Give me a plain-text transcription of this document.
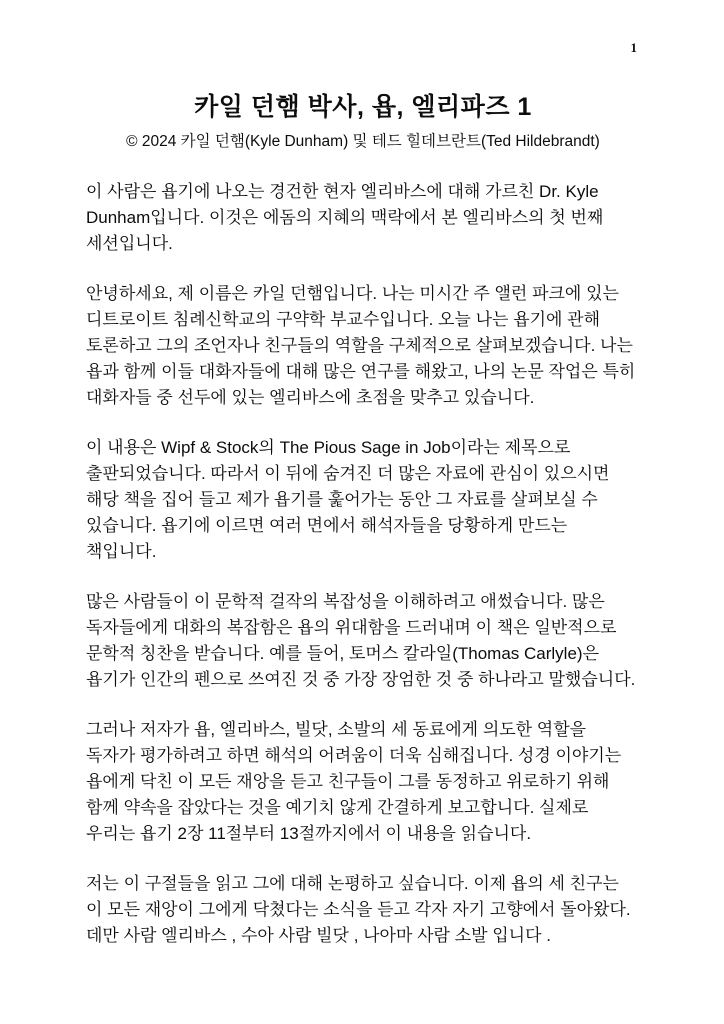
1
카일 던햄 박사, 욥, 엘리파즈 1
© 2024 카일 던햄(Kyle Dunham) 및 테드 힐데브란트(Ted Hildebrandt)

이 사람은 욥기에 나오는 경건한 현자 엘리바스에 대해 가르친 Dr. Kyle Dunham입니다. 이것은 에돔의 지혜의 맥락에서 본 엘리바스의 첫 번째 세션입니다.

안녕하세요, 제 이름은 카일 던햄입니다. 나는 미시간 주 앨런 파크에 있는 디트로이트 침례신학교의 구약학 부교수입니다. 오늘 나는 욥기에 관해 토론하고 그의 조언자나 친구들의 역할을 구체적으로 살펴보겠습니다. 나는 욥과 함께 이들 대화자들에 대해 많은 연구를 해왔고, 나의 논문 작업은 특히 대화자들 중 선두에 있는 엘리바스에 초점을 맞추고 있습니다.

이 내용은 Wipf & Stock의 The Pious Sage in Job이라는 제목으로 출판되었습니다. 따라서 이 뒤에 숨겨진 더 많은 자료에 관심이 있으시면 해당 책을 집어 들고 제가 욥기를 훑어가는 동안 그 자료를 살펴보실 수 있습니다. 욥기에 이르면 여러 면에서 해석자들을 당황하게 만드는 책입니다.

많은 사람들이 이 문학적 걸작의 복잡성을 이해하려고 애썼습니다. 많은 독자들에게 대화의 복잡함은 욥의 위대함을 드러내며 이 책은 일반적으로 문학적 칭찬을 받습니다. 예를 들어, 토머스 칼라일(Thomas Carlyle)은 욥기가 인간의 펜으로 쓰여진 것 중 가장 장엄한 것 중 하나라고 말했습니다.

그러나 저자가 욥, 엘리바스, 빌닷, 소발의 세 동료에게 의도한 역할을 독자가 평가하려고 하면 해석의 어려움이 더욱 심해집니다. 성경 이야기는 욥에게 닥친 이 모든 재앙을 듣고 친구들이 그를 동정하고 위로하기 위해 함께 약속을 잡았다는 것을 예기치 않게 간결하게 보고합니다. 실제로 우리는 욥기 2장 11절부터 13절까지에서 이 내용을 읽습니다.

저는 이 구절들을 읽고 그에 대해 논평하고 싶습니다. 이제 욥의 세 친구는 이 모든 재앙이 그에게 닥쳤다는 소식을 듣고 각자 자기 고향에서 돌아왔다. 데만 사람 엘리바스 , 수아 사람 빌닷 , 나아마 사람 소발 입니다 .
